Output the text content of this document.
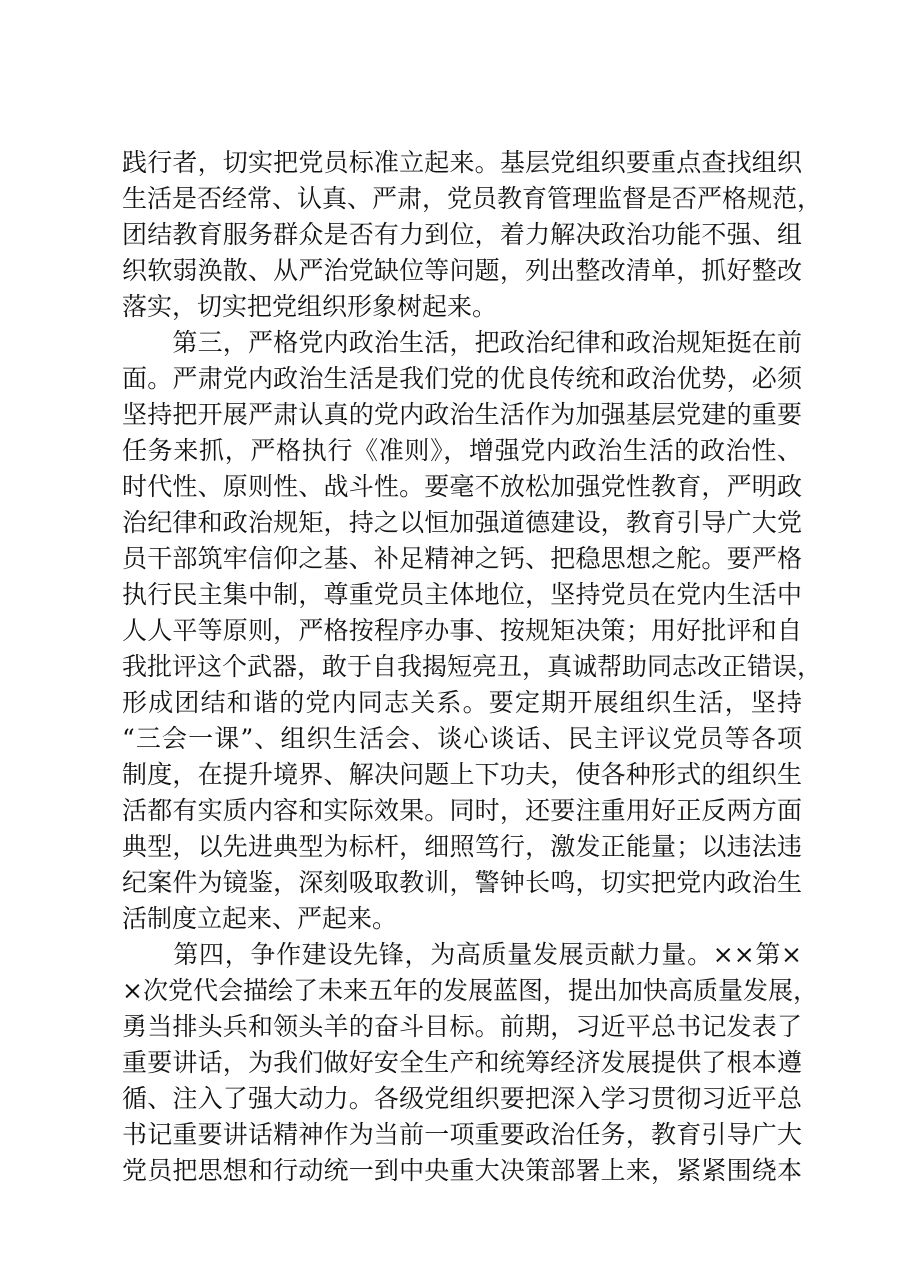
践行者，切实把党员标准立起来。基层党组织要重点查找组织
生活是否经常、认真、严肃，党员教育管理监督是否严格规范，
团结教育服务群众是否有力到位，着力解决政治功能不强、组
织软弱涣散、从严治党缺位等问题，列出整改清单，抓好整改
落实，切实把党组织形象树起来。
　　第三，严格党内政治生活，把政治纪律和政治规矩挺在前
面。严肃党内政治生活是我们党的优良传统和政治优势，必须
坚持把开展严肃认真的党内政治生活作为加强基层党建的重要
任务来抓，严格执行《准则》，增强党内政治生活的政治性、
时代性、原则性、战斗性。要毫不放松加强党性教育，严明政
治纪律和政治规矩，持之以恒加强道德建设，教育引导广大党
员干部筑牢信仰之基、补足精神之钙、把稳思想之舵。要严格
执行民主集中制，尊重党员主体地位，坚持党员在党内生活中
人人平等原则，严格按程序办事、按规矩决策；用好批评和自
我批评这个武器，敢于自我揭短亮丑，真诚帮助同志改正错误，
形成团结和谐的党内同志关系。要定期开展组织生活，坚持
“三会一课”、组织生活会、谈心谈话、民主评议党员等各项
制度，在提升境界、解决问题上下功夫，使各种形式的组织生
活都有实质内容和实际效果。同时，还要注重用好正反两方面
典型，以先进典型为标杆，细照笃行，激发正能量；以违法违
纪案件为镜鉴，深刻吸取教训，警钟长鸣，切实把党内政治生
活制度立起来、严起来。
　　第四，争作建设先锋，为高质量发展贡献力量。××第×
×次党代会描绘了未来五年的发展蓝图，提出加快高质量发展，
勇当排头兵和领头羊的奋斗目标。前期，习近平总书记发表了
重要讲话，为我们做好安全生产和统筹经济发展提供了根本遵
循、注入了强大动力。各级党组织要把深入学习贯彻习近平总
书记重要讲话精神作为当前一项重要政治任务，教育引导广大
党员把思想和行动统一到中央重大决策部署上来，紧紧围绕本
